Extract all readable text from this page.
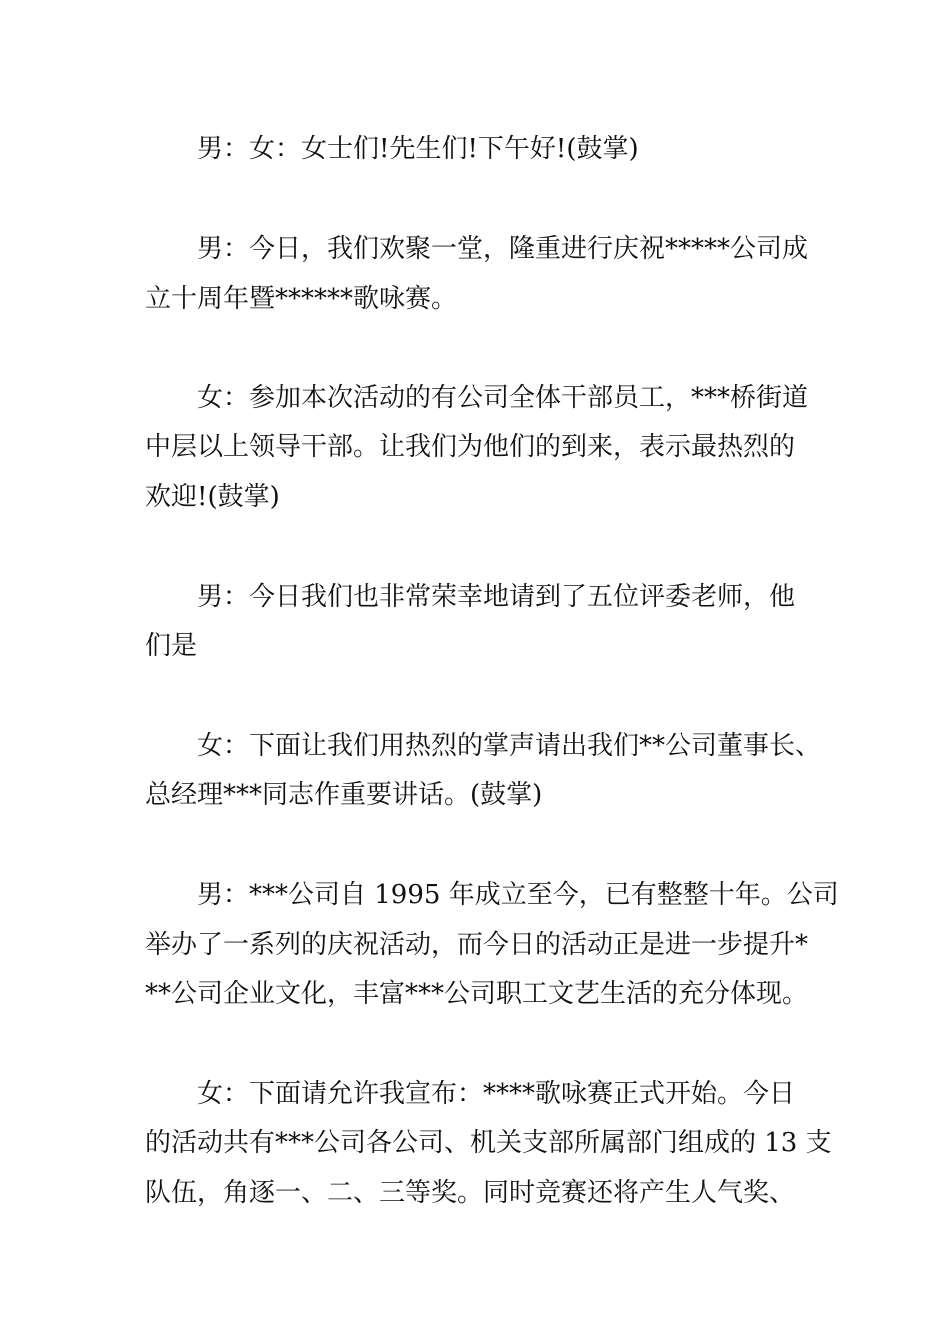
男：女：女士们!先生们!下午好!(鼓掌)

男：今日，我们欢聚一堂，隆重进行庆祝*****公司成

立十周年暨******歌咏赛。

女：参加本次活动的有公司全体干部员工，***桥街道

中层以上领导干部。让我们为他们的到来，表示最热烈的

欢迎!(鼓掌)

男：今日我们也非常荣幸地请到了五位评委老师，他

们是

女：下面让我们用热烈的掌声请出我们**公司董事长、

总经理***同志作重要讲话。(鼓掌)

男：***公司自 1995 年成立至今，已有整整十年。公司

举办了一系列的庆祝活动，而今日的活动正是进一步提升*

**公司企业文化，丰富***公司职工文艺生活的充分体现。

女：下面请允许我宣布：****歌咏赛正式开始。今日

的活动共有***公司各公司、机关支部所属部门组成的 13 支

队伍，角逐一、二、三等奖。同时竞赛还将产生人气奖、
